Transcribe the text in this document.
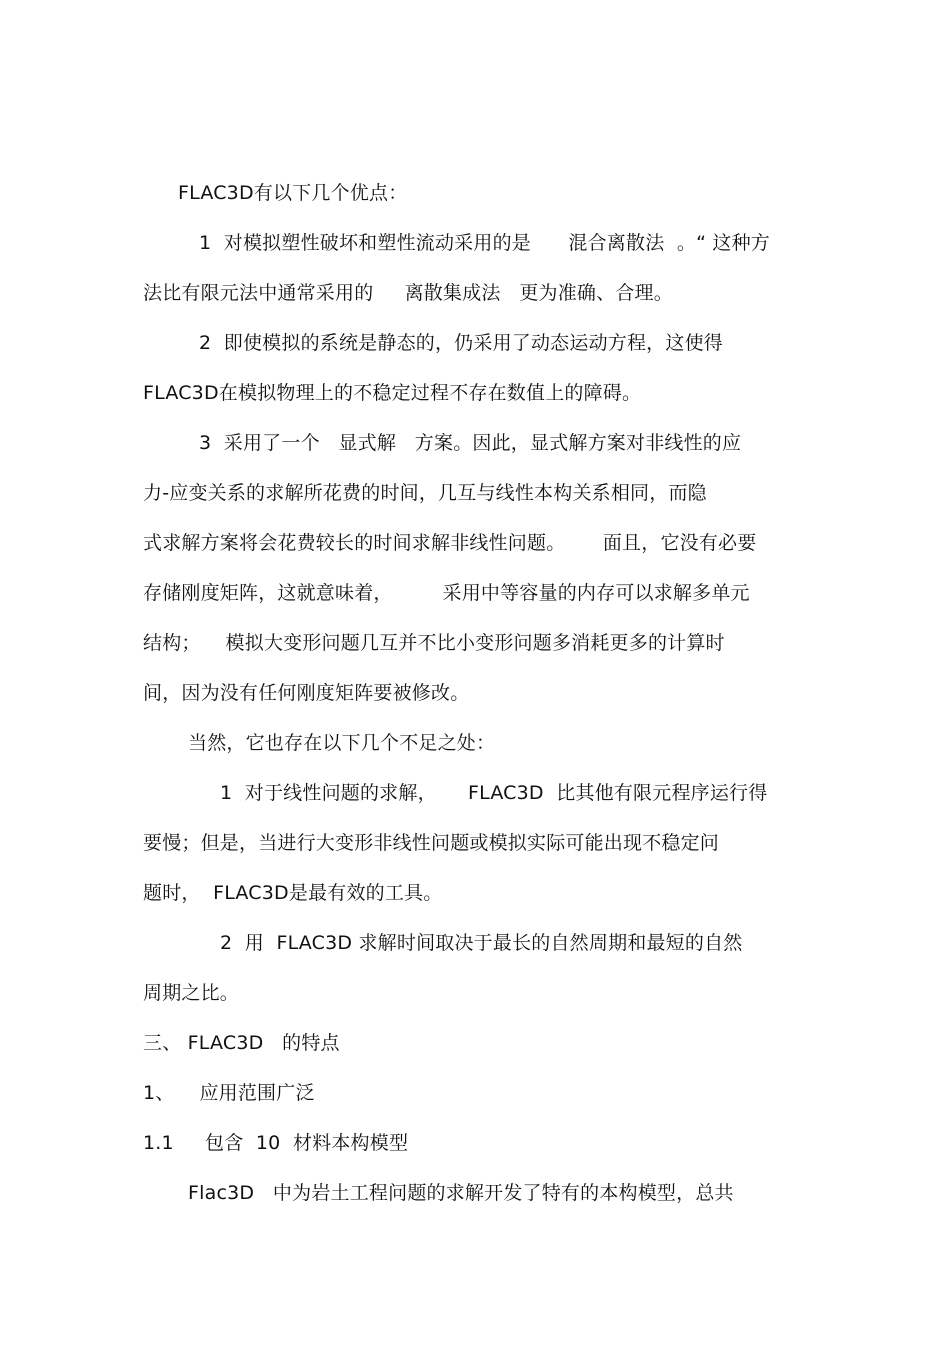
FLAC3D有以下几个优点：

1  对模拟塑性破坏和塑性流动采用的是      混合离散法  。“ 这种方

法比有限元法中通常采用的     离散集成法   更为准确、合理。

2  即使模拟的系统是静态的，仍采用了动态运动方程，这使得

FLAC3D在模拟物理上的不稳定过程不存在数值上的障碍。

3  采用了一个   显式解   方案。因此，显式解方案对非线性的应

力-应变关系的求解所花费的时间，几互与线性本构关系相同，而隐

式求解方案将会花费较长的时间求解非线性问题。      面且，它没有必要

存储刚度矩阵，这就意味着，        采用中等容量的内存可以求解多单元

结构；    模拟大变形问题几互并不比小变形问题多消耗更多的计算时

间，因为没有任何刚度矩阵要被修改。

当然，它也存在以下几个不足之处：

1  对于线性问题的求解，     FLAC3D  比其他有限元程序运行得

要慢；但是，当进行大变形非线性问题或模拟实际可能出现不稳定问

题时，  FLAC3D是最有效的工具。

2  用  FLAC3D 求解时间取决于最长的自然周期和最短的自然

周期之比。

三、 FLAC3D   的特点

1、    应用范围广泛

1.1     包含  10  材料本构模型

Flac3D   中为岩土工程问题的求解开发了特有的本构模型，总共
